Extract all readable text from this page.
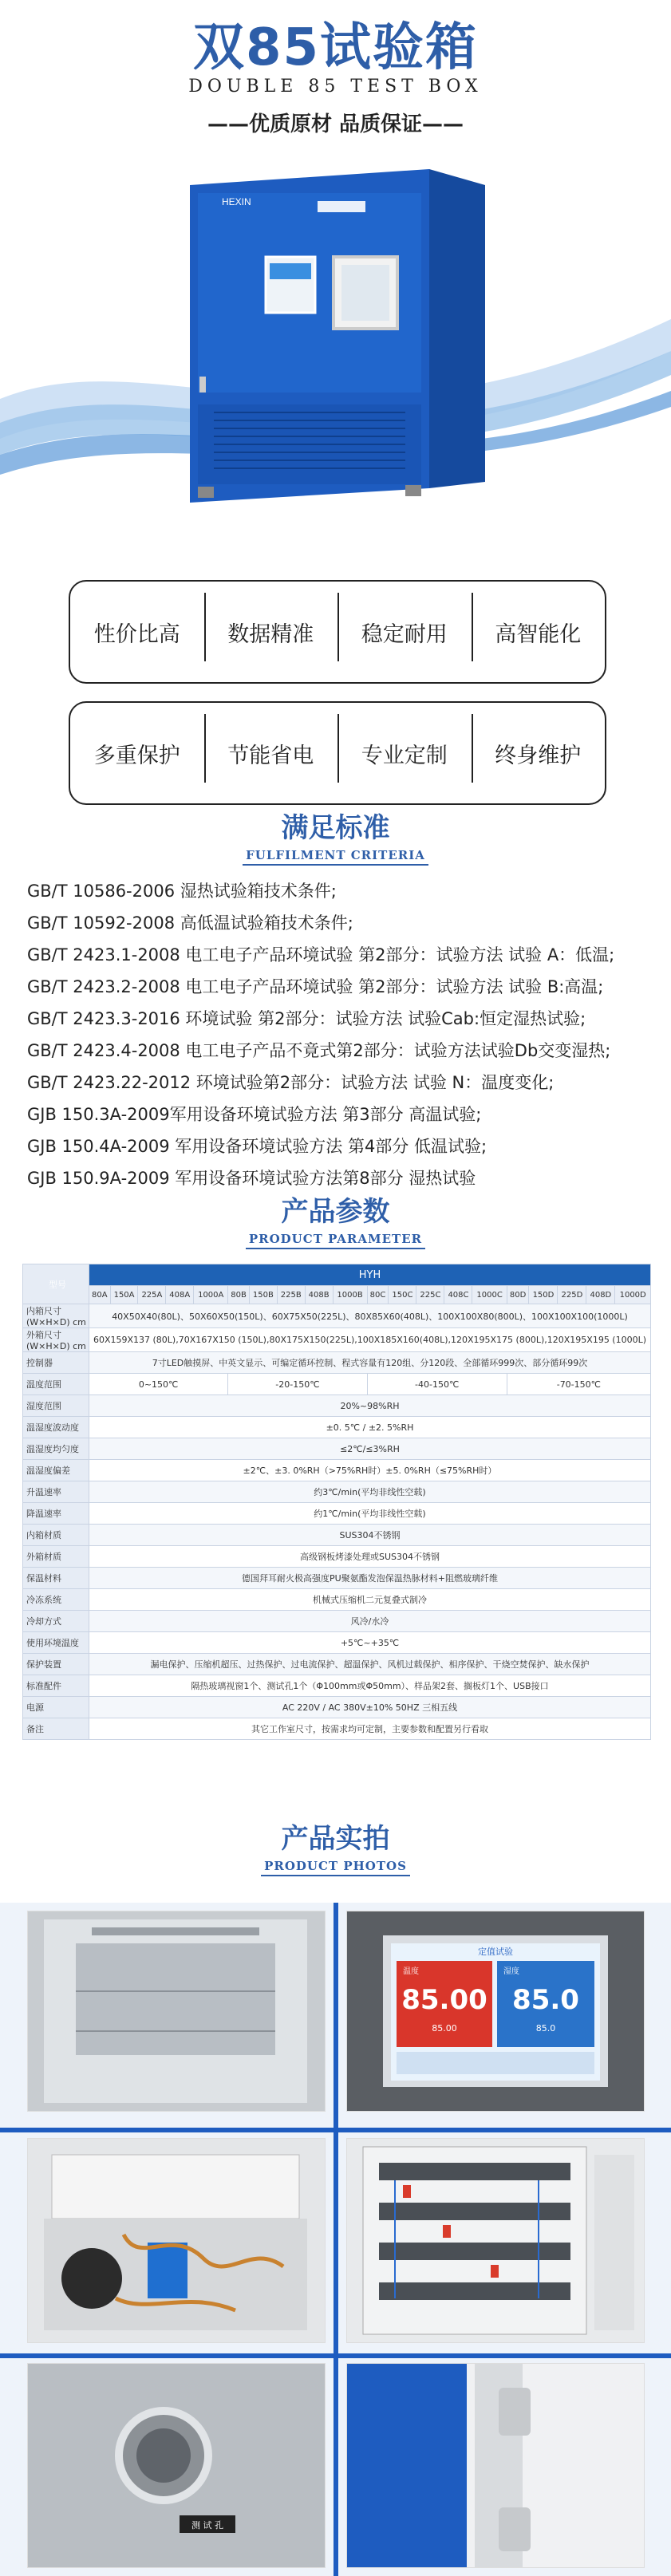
双85试验箱
DOUBLE 85 TEST BOX
——优质原材 品质保证——
HEXIN
性价比高	数据精准	稳定耐用	高智能化
多重保护	节能省电	专业定制	终身维护
满足标准
FULFILMENT CRITERIA
GB/T 10586-2006 湿热试验箱技术条件;
GB/T 10592-2008 高低温试验箱技术条件;
GB/T 2423.1-2008 电工电子产品环境试验 第2部分：试验方法 试验 A：低温;
GB/T 2423.2-2008 电工电子产品环境试验 第2部分：试验方法 试验 B:高温;
GB/T 2423.3-2016 环境试验 第2部分：试验方法 试验Cab:恒定湿热试验;
GB/T 2423.4-2008 电工电子产品不竟式第2部分：试验方法试验Db交变湿热;
GB/T 2423.22-2012 环境试验第2部分：试验方法 试验 N：温度变化;
GJB 150.3A-2009军用设备环境试验方法 第3部分 高温试验;
GJB 150.4A-2009 军用设备环境试验方法 第4部分 低温试验;
GJB 150.9A-2009 军用设备环境试验方法第8部分 湿热试验
产品参数
PRODUCT PARAMETER
型号	HYH																			
	80A	150A	225A	408A	1000A	80B	150B	225B	408B	1000B	80C	150C	225C	408C	1000C	80D	150D	225D	408D	1000D
内箱尺寸(W×H×D) cm	40X50X40(80L)、50X60X50(150L)、60X75X50(225L)、80X85X60(408L)、100X100X80(800L)、100X100X100(1000L)																			
外箱尺寸(W×H×D) cm	60X159X137 (80L),70X167X150 (150L),80X175X150(225L),100X185X160(408L),120X195X175 (800L),120X195X195 (1000L)																			
控制器	7寸LED触摸屏、中英文显示、可编定循环控制、程式容量有120组、分120段、全部循环999次、部分循环99次																			
温度范围	0~150℃					-20-150℃					-40-150℃					-70-150℃				
湿度范围	20%~98%RH																			
温湿度波动度	±0. 5℃ / ±2. 5%RH																			
温湿度均匀度	≤2℃/≤3%RH																			
温湿度偏差	±2℃、±3. 0%RH（>75%RH时）±5. 0%RH（≤75%RH时）																			
升温速率	约3℃/min(平均非线性空载)																			
降温速率	约1℃/min(平均非线性空载)																			
内箱材质	SUS304不锈钢																			
外箱材质	高级钢板烤漆处理或SUS304不锈钢																			
保温材料	德国拜耳耐火极高强度PU聚氨酯发泡保温热脉材料+阻燃玻璃纤维																			
冷冻系统	机械式压缩机二元复叠式制冷																			
冷却方式	风冷/水冷																			
使用环境温度	+5℃~+35℃																			
保护装置	漏电保护、压缩机超压、过热保护、过电流保护、超温保护、风机过载保护、相序保护、干烧空焚保护、缺水保护																			
标准配件	隔热玻璃视窗1个、测试孔1个（Φ100mm或Φ50mm）、样品架2套、搁板灯1个、USB接口																			
电源	AC 220V / AC 380V±10% 50HZ 三相五线																			
备注	其它工作室尺寸，按需求均可定制，主要参数和配置另行看取																			
产品实拍
PRODUCT PHOTOS
定值试验
温度	湿度
85.00 85.0
85.00	85.0
测 试 孔
